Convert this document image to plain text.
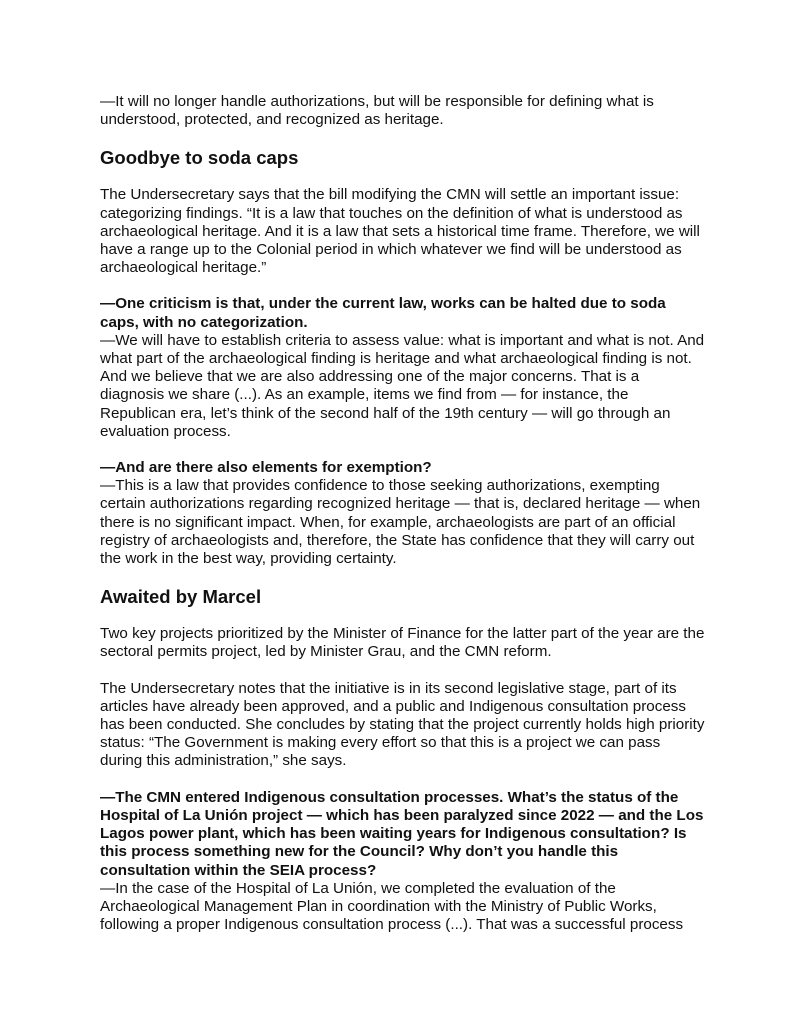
—It will no longer handle authorizations, but will be responsible for defining what is understood, protected, and recognized as heritage.

Goodbye to soda caps

The Undersecretary says that the bill modifying the CMN will settle an important issue: categorizing findings. “It is a law that touches on the definition of what is understood as archaeological heritage. And it is a law that sets a historical time frame. Therefore, we will have a range up to the Colonial period in which whatever we find will be understood as archaeological heritage.”

—One criticism is that, under the current law, works can be halted due to soda caps, with no categorization.

—We will have to establish criteria to assess value: what is important and what is not. And what part of the archaeological finding is heritage and what archaeological finding is not. And we believe that we are also addressing one of the major concerns. That is a diagnosis we share (...). As an example, items we find from — for instance, the Republican era, let’s think of the second half of the 19th century — will go through an evaluation process.

—And are there also elements for exemption?

—This is a law that provides confidence to those seeking authorizations, exempting certain authorizations regarding recognized heritage — that is, declared heritage — when there is no significant impact. When, for example, archaeologists are part of an official registry of archaeologists and, therefore, the State has confidence that they will carry out the work in the best way, providing certainty.

Awaited by Marcel

Two key projects prioritized by the Minister of Finance for the latter part of the year are the sectoral permits project, led by Minister Grau, and the CMN reform.

The Undersecretary notes that the initiative is in its second legislative stage, part of its articles have already been approved, and a public and Indigenous consultation process has been conducted. She concludes by stating that the project currently holds high priority status: “The Government is making every effort so that this is a project we can pass during this administration,” she says.

—The CMN entered Indigenous consultation processes. What’s the status of the Hospital of La Unión project — which has been paralyzed since 2022 — and the Los Lagos power plant, which has been waiting years for Indigenous consultation? Is this process something new for the Council? Why don’t you handle this consultation within the SEIA process?

—In the case of the Hospital of La Unión, we completed the evaluation of the Archaeological Management Plan in coordination with the Ministry of Public Works, following a proper Indigenous consultation process (...). That was a successful process
